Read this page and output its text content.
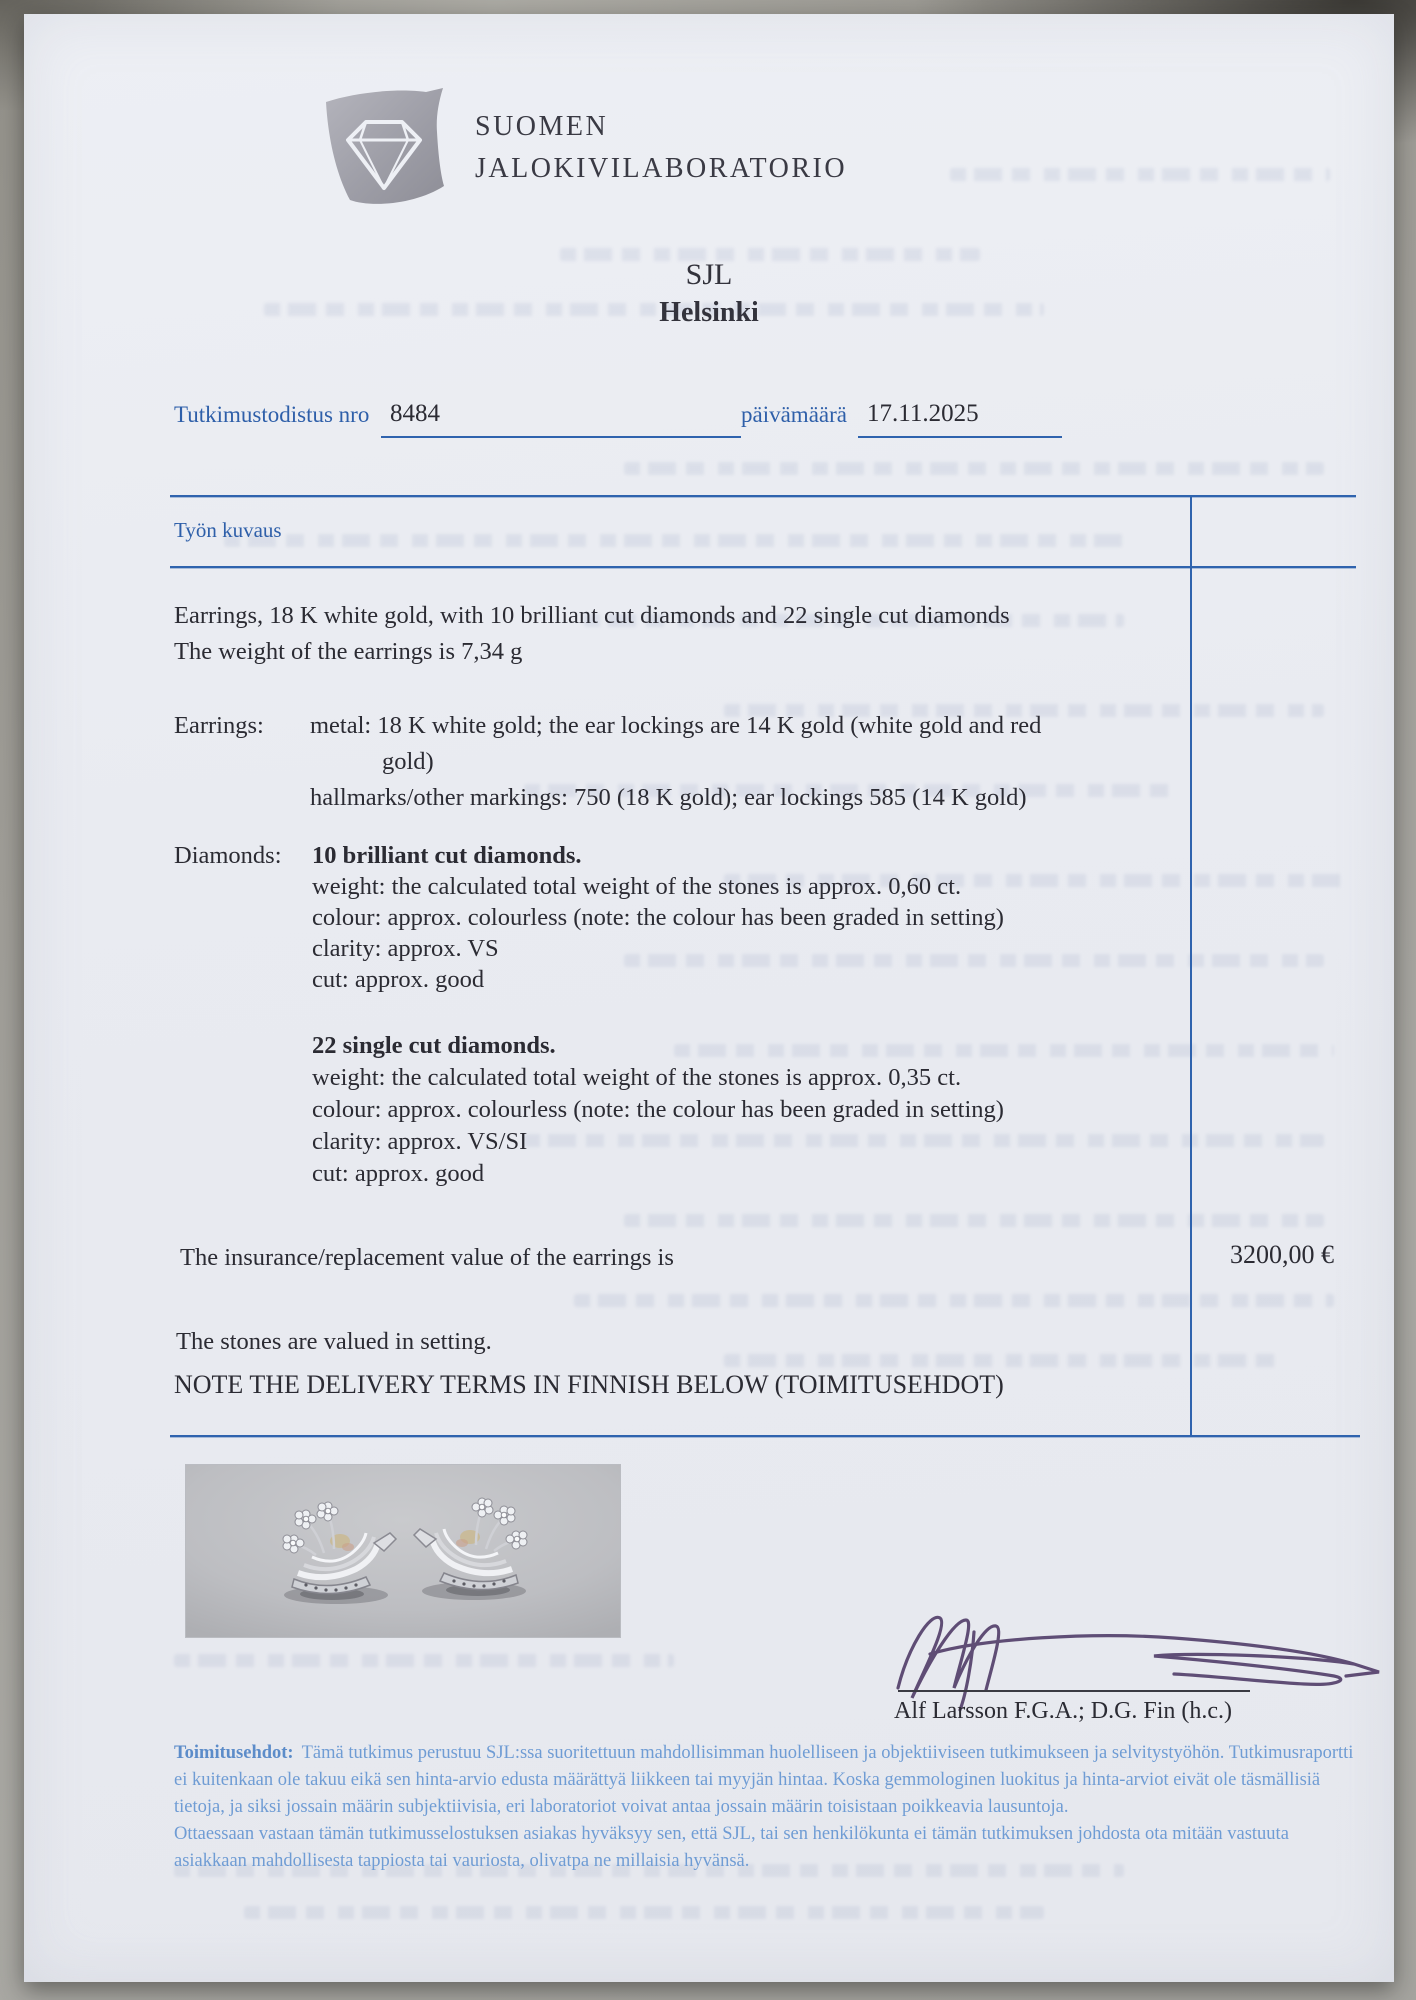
SUOMEN
JALOKIVILABORATORIO
SJL
Helsinki
Tutkimustodistus nro 8484	päivämäärä 17.11.2025
Työn kuvaus
Earrings, 18 K white gold, with 10 brilliant cut diamonds and 22 single cut diamonds
The weight of the earrings is 7,34 g
Earrings: metal: 18 K white gold; the ear lockings are 14 K gold (white gold and red
gold)
hallmarks/other markings: 750 (18 K gold); ear lockings 585 (14 K gold)
Diamonds: 10 brilliant cut diamonds.
weight: the calculated total weight of the stones is approx. 0,60 ct.
colour: approx. colourless (note: the colour has been graded in setting)
clarity: approx. VS
cut: approx. good
22 single cut diamonds.
weight: the calculated total weight of the stones is approx. 0,35 ct.
colour: approx. colourless (note: the colour has been graded in setting)
clarity: approx. VS/SI
cut: approx. good
The insurance/replacement value of the earrings is	3200,00 €
The stones are valued in setting.
NOTE THE DELIVERY TERMS IN FINNISH BELOW (TOIMITUSEHDOT)
Alf Larsson F.G.A.; D.G. Fin (h.c.)
Toimitusehdot: Tämä tutkimus perustuu SJL:ssa suoritettuun mahdollisimman huolelliseen ja objektiiviseen tutkimukseen ja selvitystyöhön. Tutkimusraportti
ei kuitenkaan ole takuu eikä sen hinta-arvio edusta määrättyä liikkeen tai myyjän hintaa. Koska gemmologinen luokitus ja hinta-arviot eivät ole täsmällisiä
tietoja, ja siksi jossain määrin subjektiivisia, eri laboratoriot voivat antaa jossain määrin toisistaan poikkeavia lausuntoja.
Ottaessaan vastaan tämän tutkimusselostuksen asiakas hyväksyy sen, että SJL, tai sen henkilökunta ei tämän tutkimuksen johdosta ota mitään vastuuta
asiakkaan mahdollisesta tappiosta tai vauriosta, olivatpa ne millaisia hyvänsä.
